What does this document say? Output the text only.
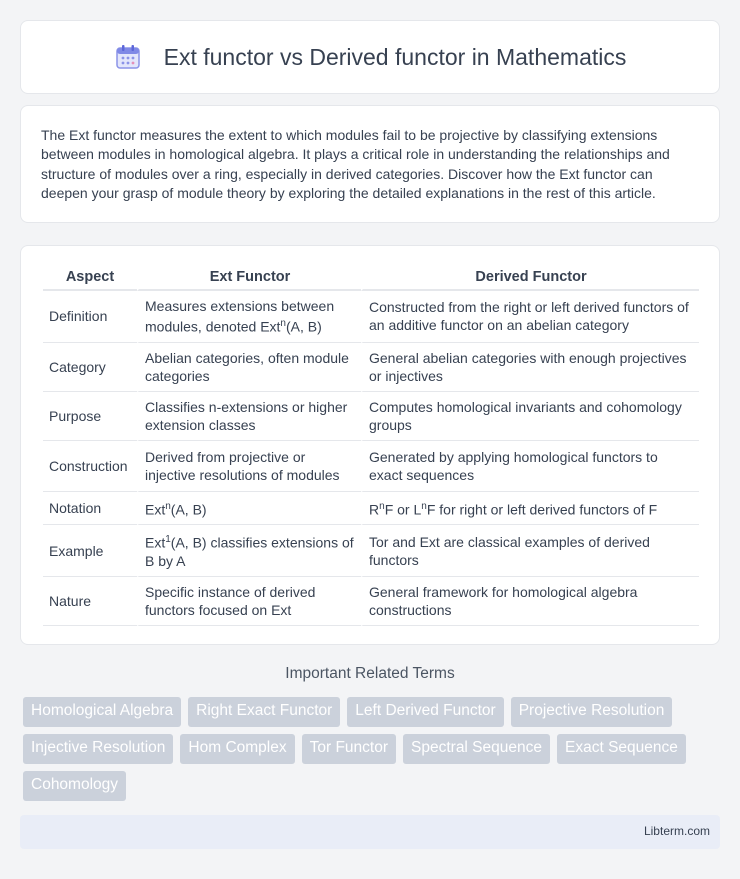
Ext functor vs Derived functor in Mathematics

The Ext functor measures the extent to which modules fail to be projective by classifying extensions between modules in homological algebra. It plays a critical role in understanding the relationships and structure of modules over a ring, especially in derived categories. Discover how the Ext functor can deepen your grasp of module theory by exploring the detailed explanations in the rest of this article.

Aspect	Ext Functor	Derived Functor
Definition	Measures extensions between modules, denoted Ext$^n$(A, B)	Constructed from the right or left derived functors of an additive functor on an abelian category
Category	Abelian categories, often module categories	General abelian categories with enough projectives or injectives
Purpose	Classifies n-extensions or higher extension classes	Computes homological invariants and cohomology groups
Construction	Derived from projective or injective resolutions of modules	Generated by applying homological functors to exact sequences
Notation	Ext$^n$(A, B)	$R^nF$ or $L^nF$ for right or left derived functors of F
Example	Ext$^1$(A, B) classifies extensions of B by A	Tor and Ext are classical examples of derived functors
Nature	Specific instance of derived functors focused on Ext	General framework for homological algebra constructions
Important Related Terms
Homological Algebra	Right Exact Functor	Left Derived Functor	Projective Resolution
Injective Resolution	Hom Complex	Tor Functor	Spectral Sequence	Exact Sequence
Cohomology
Libterm.com
